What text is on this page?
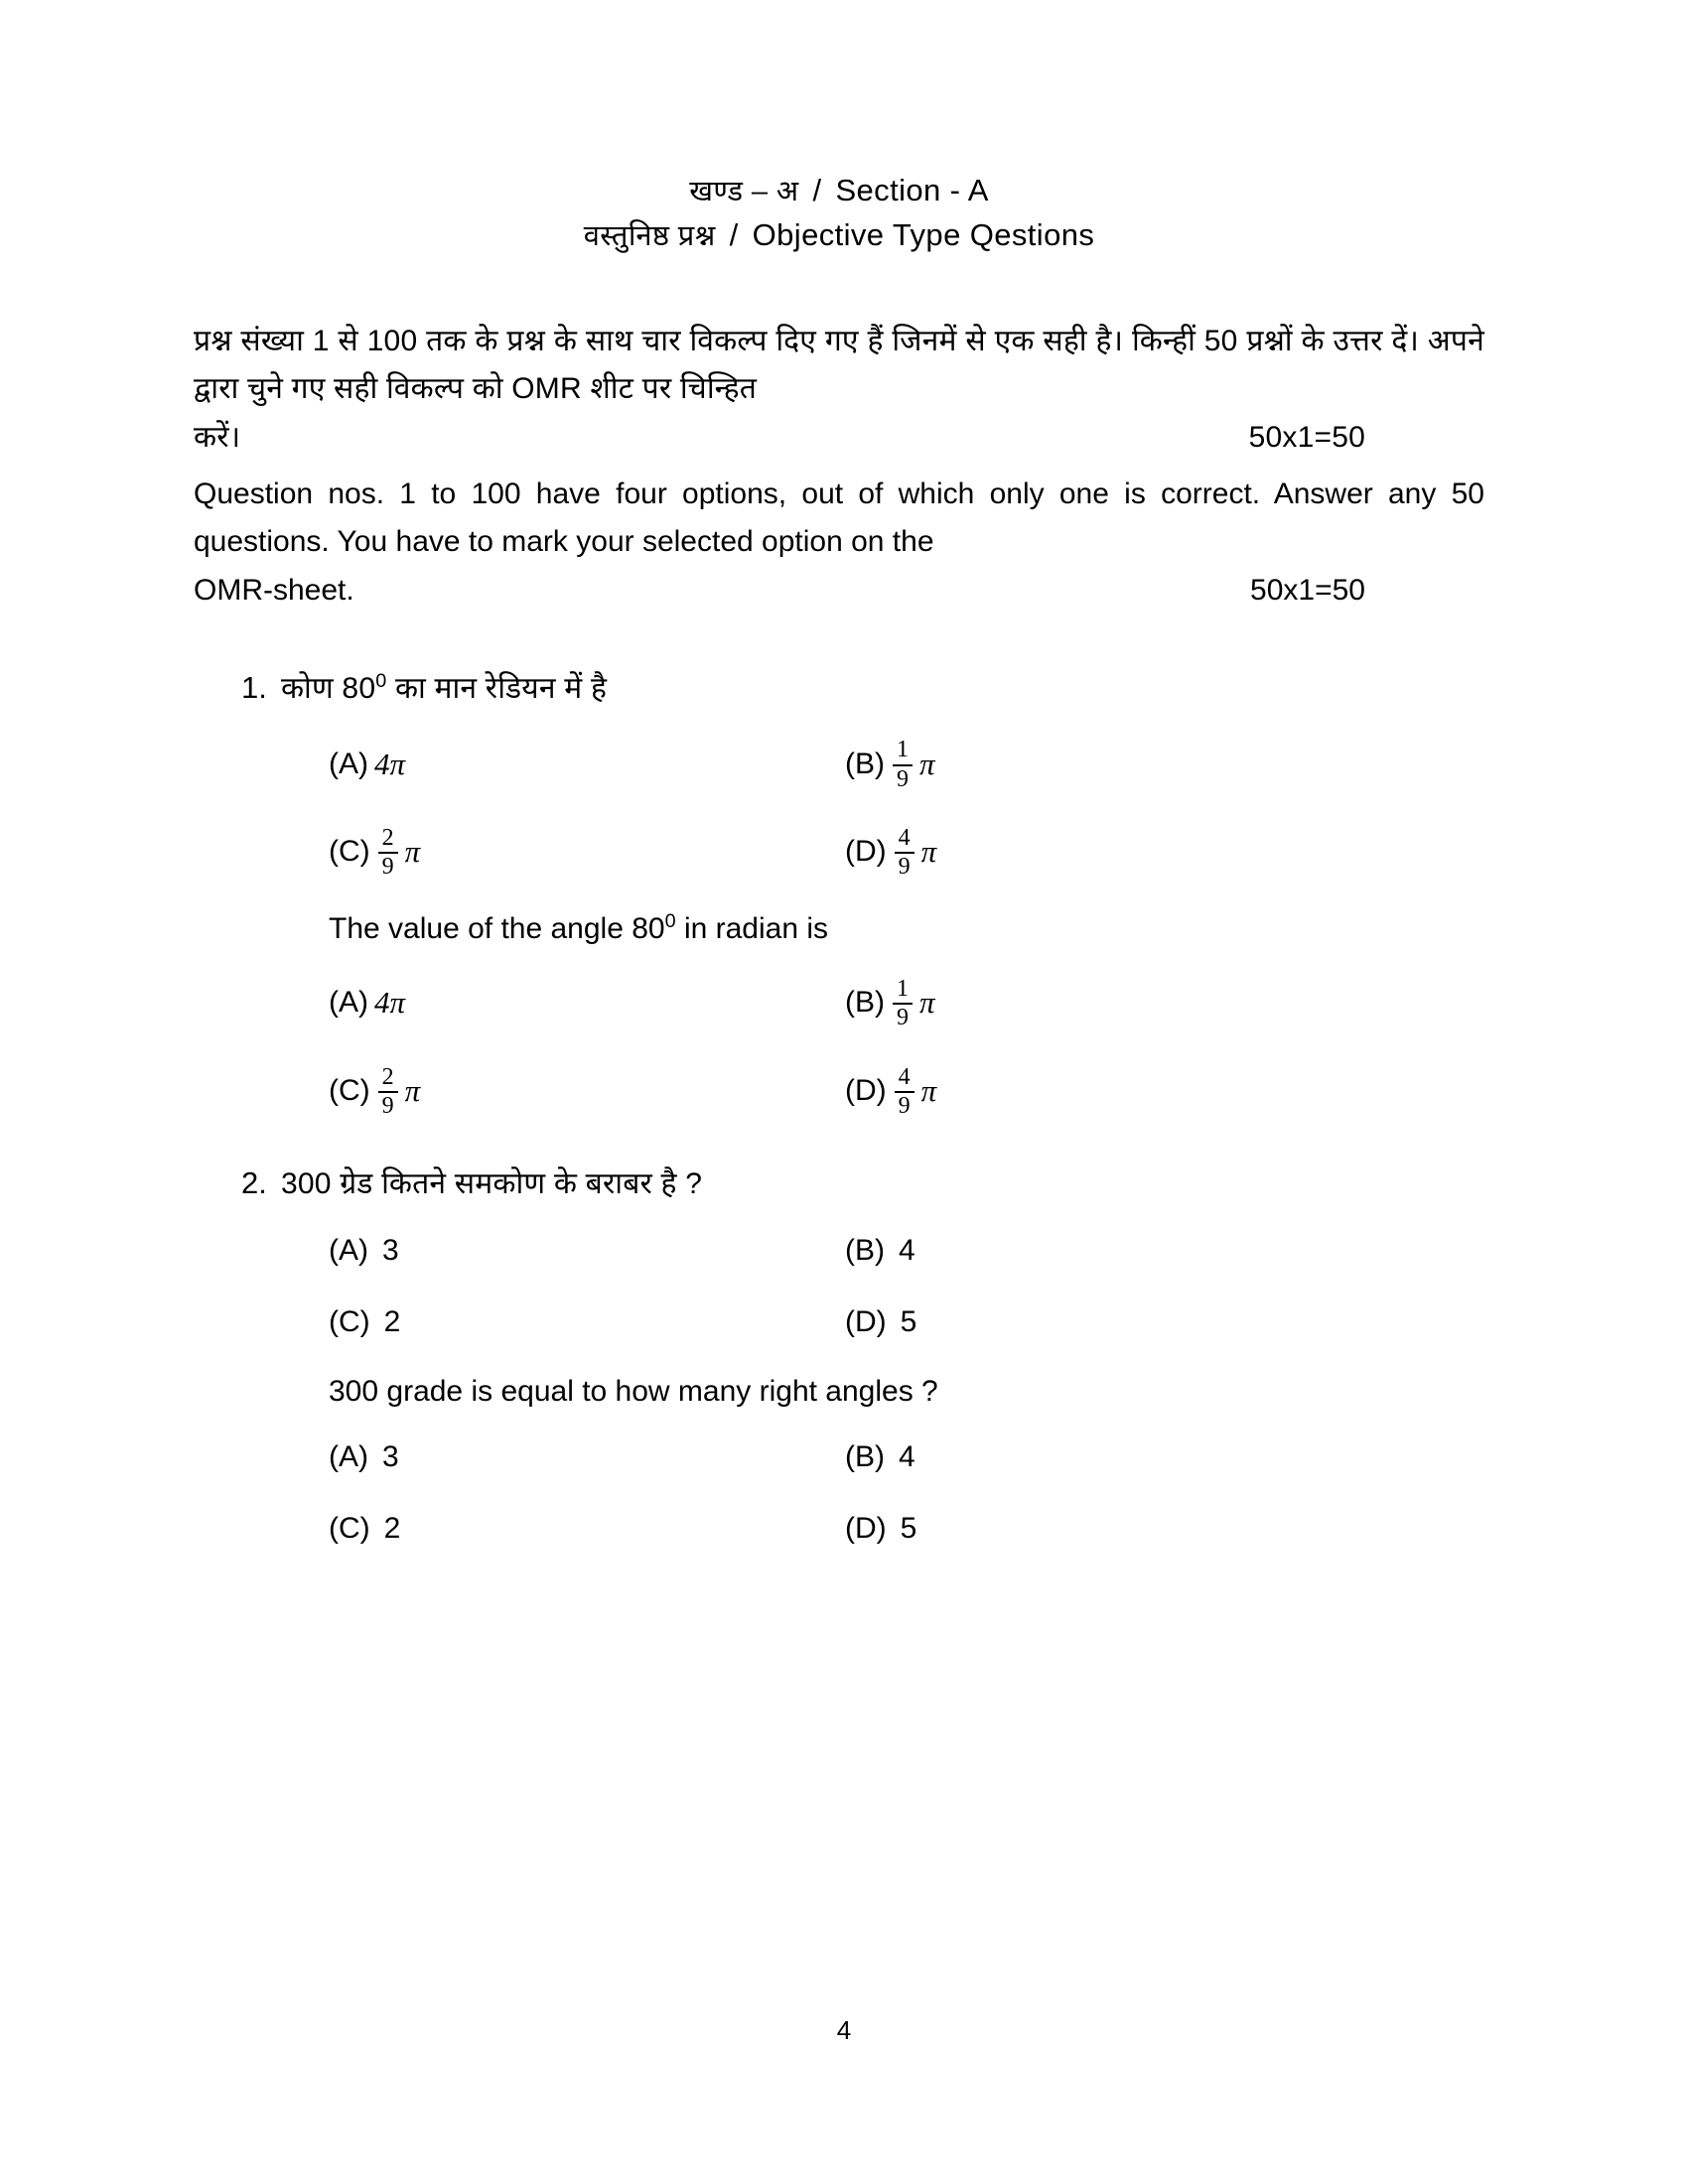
खण्ड – अ / Section - A
वस्तुनिष्ठ प्रश्न / Objective Type Qestions
प्रश्न संख्या 1 से 100 तक के प्रश्न के साथ चार विकल्प दिए गए हैं जिनमें से एक सही है। किन्हीं 50 प्रश्नों के उत्तर दें। अपने द्वारा चुने गए सही विकल्प को OMR शीट पर चिन्हित
करें।	50x1=50
Question nos. 1 to 100 have four options, out of which only one is correct. Answer any 50 questions. You have to mark your selected option on the
OMR-sheet.	50x1=50
1. कोण $80^0$ का मान रेडियन में है
(A) 4 π	$(B) \frac{1}{9}$ π
$(C) \frac{2}{9}$ π	$(D) \frac{4}{9}$ π
The value of the angle $80^0$ in radian is
(A) 4 π	$(B) \frac{1}{9}$ π
$(C) \frac{2}{9}$ π	$(D) \frac{4}{9}$ π
2. 300 ग्रेड कितने समकोण के बराबर है ?
(A) 3	(B) 4
(C) 2	(D) 5
300 grade is equal to how many right angles ?
(A) 3	(B) 4
(C) 2	(D) 5
4
